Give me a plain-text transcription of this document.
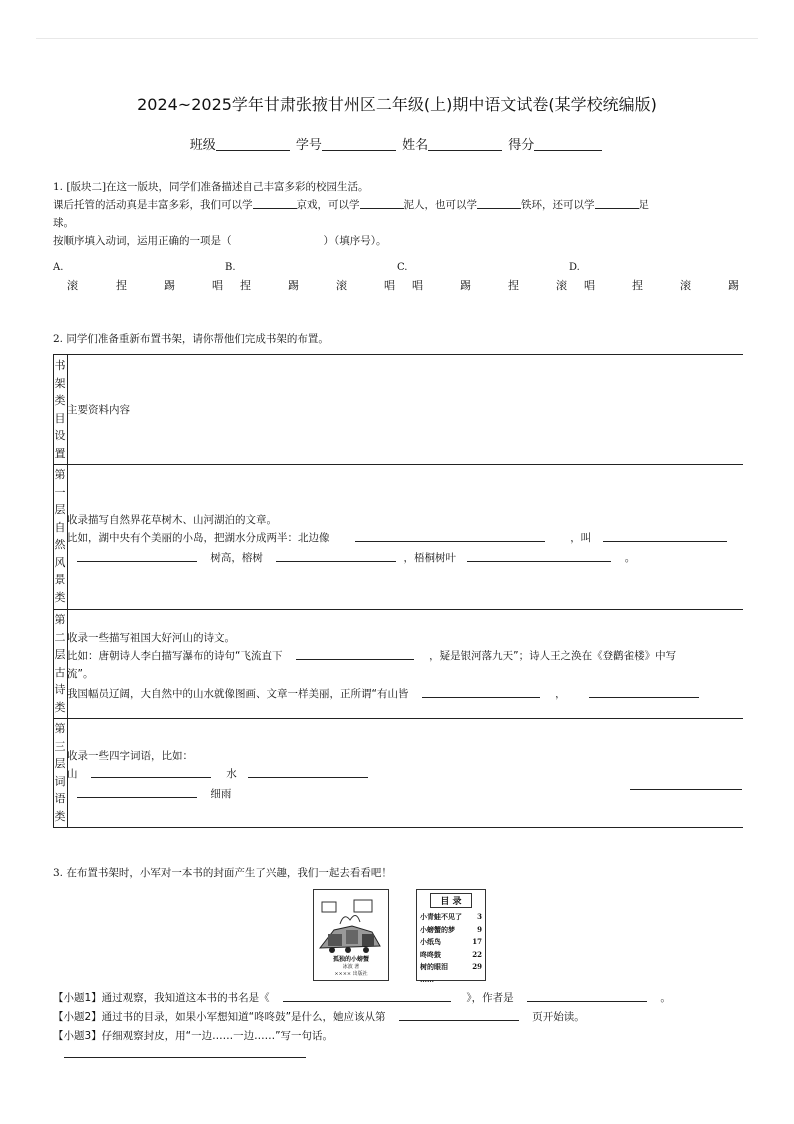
2024~2025学年甘肃张掖甘州区二年级(上)期中语文试卷(某学校统编版)
班级	学号	姓名	得分
1. [版块二]在这一版块，同学们准备描述自己丰富多彩的校园生活。
课后托管的活动真是丰富多彩，我们可以学	京戏，可以学	泥人，也可以学	铁环，还可以学	足
球。
按顺序填入动词，运用正确的一项是（	）（填序号）。
A.	B.	C.	D.
滚	捏	踢	唱 捏	踢	滚	唱 唱	踢	捏	滚 唱	捏	滚	踢
2. 同学们准备重新布置书架，请你帮他们完成书架的布置。
书架类目设置
主要资料内容
第一层自然风景类
收录描写自然界花草树木、山河湖泊的文章。
比如，湖中央有个美丽的小岛，把湖水分成两半：北边像	，叫
树高，榕树	，梧桐树叶	。
第二层古诗类
收录一些描写祖国大好河山的诗文。
比如：唐朝诗人李白描写瀑布的诗句“飞流直下	，疑是银河落九天”；诗人王之涣在《登鹳雀楼》中写
流”。
我国幅员辽阔，大自然中的山水就像图画、文章一样美丽，正所谓“有山皆	，
第三层词语类
收录一些四字词语，比如：
山	水
细雨
3. 在布置书架时，小军对一本书的封面产生了兴趣，我们一起去看看吧！
孤独的小螃蟹
冰波 著
×××× 出版社
目 录
小青蛙不见了 3
小螃蟹的梦	9
小纸鸟	17
咚咚鼓	22
树的眼泪	29
……
【小题1】通过观察，我知道这本书的书名是《	》，作者是	。
【小题2】通过书的目录，如果小军想知道“咚咚鼓”是什么，她应该从第	页开始读。
【小题3】仔细观察封皮，用“一边……一边……”写一句话。
